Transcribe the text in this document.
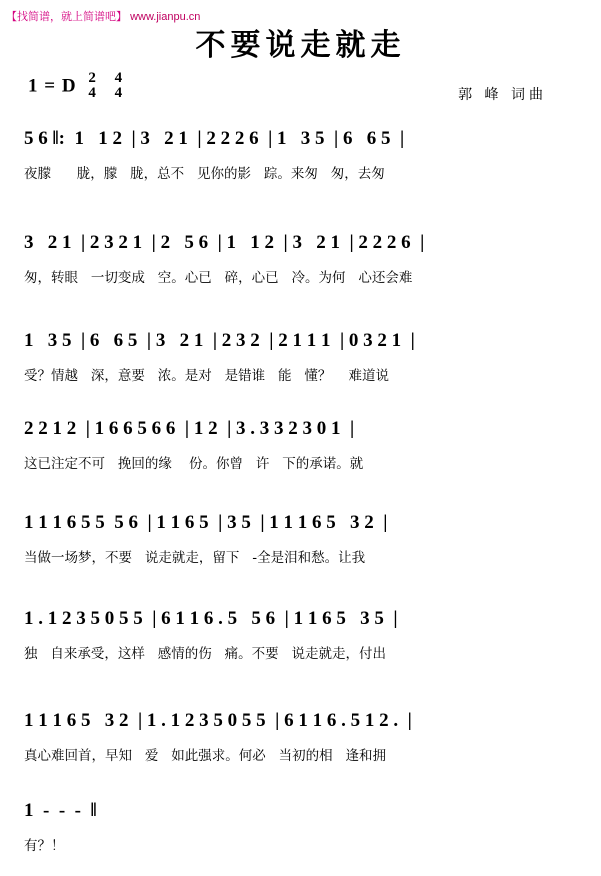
【找简谱，就上简谱吧】 www.jianpu.cn
不要说走就走
1 = D 2
4

4
4	郭 峰 词曲
5 6 ‖:  1   1 2  | 3   2 1  | 2 2 2 6  | 1   3 5  | 6   6 5  |
夜朦      胧，朦   胧，总不   见你的影   踪。来匆   匆，去匆
3   2 1  | 2 3 2 1  | 2   5 6  | 1   1 2  | 3   2 1  | 2 2 2 6  |
匆，转眼   一切变成   空。心已   碎，心已   冷。为何   心还会难
1   3 5  | 6   6 5  | 3   2 1  | 2 3 2  | 2 1 1 1  | 0 3 2 1  |
受？情越   深，意要   浓。是对   是错谁   能   懂？    难道说
2 2 1 2  | 1 6 6 5 6 6  | 1 2  | 3 . 3 3 2 3 0 1  |
这已注定不可   挽回的缘    份。你曾   许   下的承诺。就
1 1 1 6 5 5  5 6  | 1 1 6 5  | 3 5  | 1 1 1 6 5   3 2  |
当做一场梦，不要   说走就走，留下   -全是泪和愁。让我
1 . 1 2 3 5 0 5 5  | 6 1 1 6 . 5   5 6  | 1 1 6 5   3 5  |
独   自来承受，这样   感情的伤   痛。不要   说走就走，付出
1 1 1 6 5   3 2  | 1 . 1 2 3 5 0 5 5  | 6 1 1 6 . 5 1 2 .  |
真心难回首，早知   爱   如此强求。何必   当初的相   逢和拥
1  -  -  -  ‖
有？！
